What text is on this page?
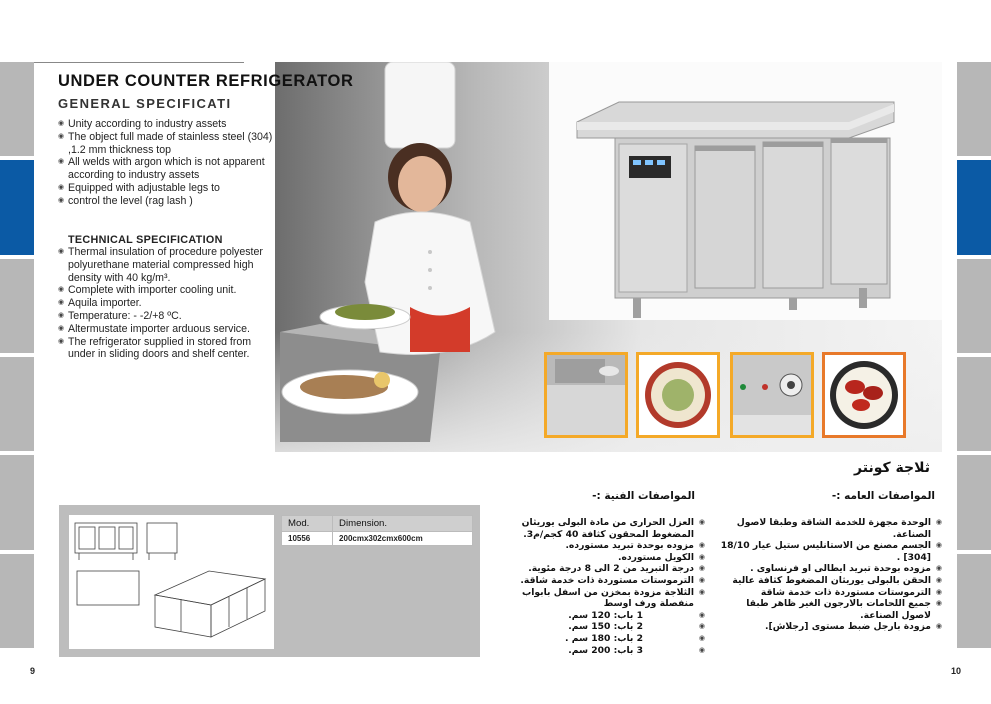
UNDER COUNTER REFRIGERATOR
GENERAL SPECIFICATI
◉ Unity according to industry assets
◉ The object full made of stainless steel (304) ,1.2 mm thickness top
◉ All welds with argon which is not apparent according to industry assets
◉ Equipped with adjustable legs to
◉ control the level (rag lash )
TECHNICAL SPECIFICATION
◉ Thermal insulation of procedure polyester polyurethane material compressed high density with 40 kg/m³.
◉ Complete with importer cooling unit.
◉ Aquila importer.
◉ Temperature: - -2/+8 ºC.
◉ Altermustate importer arduous service.
◉ The refrigerator supplied in stored from under in sliding doors and shelf center.
ثلاجة كونتر
المواصفات العامه :-
المواصفات الفنية :-
◉ الوحدة مجهزة للخدمة الشاقة وطبقا لاصول الصناعة.
◉ الجسم مصنع من الاستانليس ستيل عيار 18/10 [304] .
◉ مزوده بوحدة تبريد ايطالى او فرنساوى .
◉ الحقن بالبولى يوريثان المضغوط كثافة عالية
◉ الترموستات مستوردة ذات خدمة شاقة
◉ جميع اللحامات بالارجون الغير ظاهر طبقا لاصول الصناعة.
◉ مزودة بارجل ضبط مستوى [رجلاش].
◉ العزل الحرارى من مادة البولى يوريثان المضغوط المحقون كثافة 40 كجم/م3.
◉ مزوده بوحدة تبريد مستورده.
◉ الكويل مستورده.
◉ درجة التبريد من 2 الى 8 درجة مئوية.
◉ الترموستات مستوردة ذات خدمة شاقة.
◉ الثلاجة مزودة بمخزن من اسفل بابواب منفصلة ورف اوسط
◉ 1 باب: 120 سم.
◉ 2 باب: 150 سم.
◉ 2 باب: 180 سم .
◉ 3 باب: 200 سم.
Mod.	Dimension.
10556	200cmx302cmx600cm
9	10
